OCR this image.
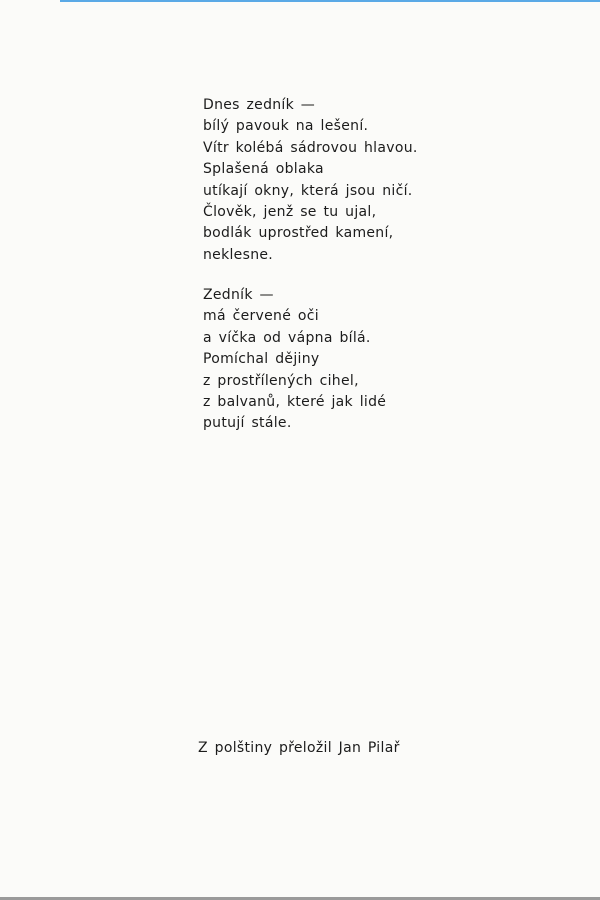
Dnes zedník —
bílý pavouk na lešení.
Vítr kolébá sádrovou hlavou.
Splašená oblaka
utíkají okny, která jsou ničí.
Člověk, jenž se tu ujal,
bodlák uprostřed kamení,
neklesne.
Zedník —
má červené oči
a víčka od vápna bílá.
Pomíchal dějiny
z prostřílených cihel,
z balvanů, které jak lidé
putují stále.
Z polštiny přeložil Jan Pilař
